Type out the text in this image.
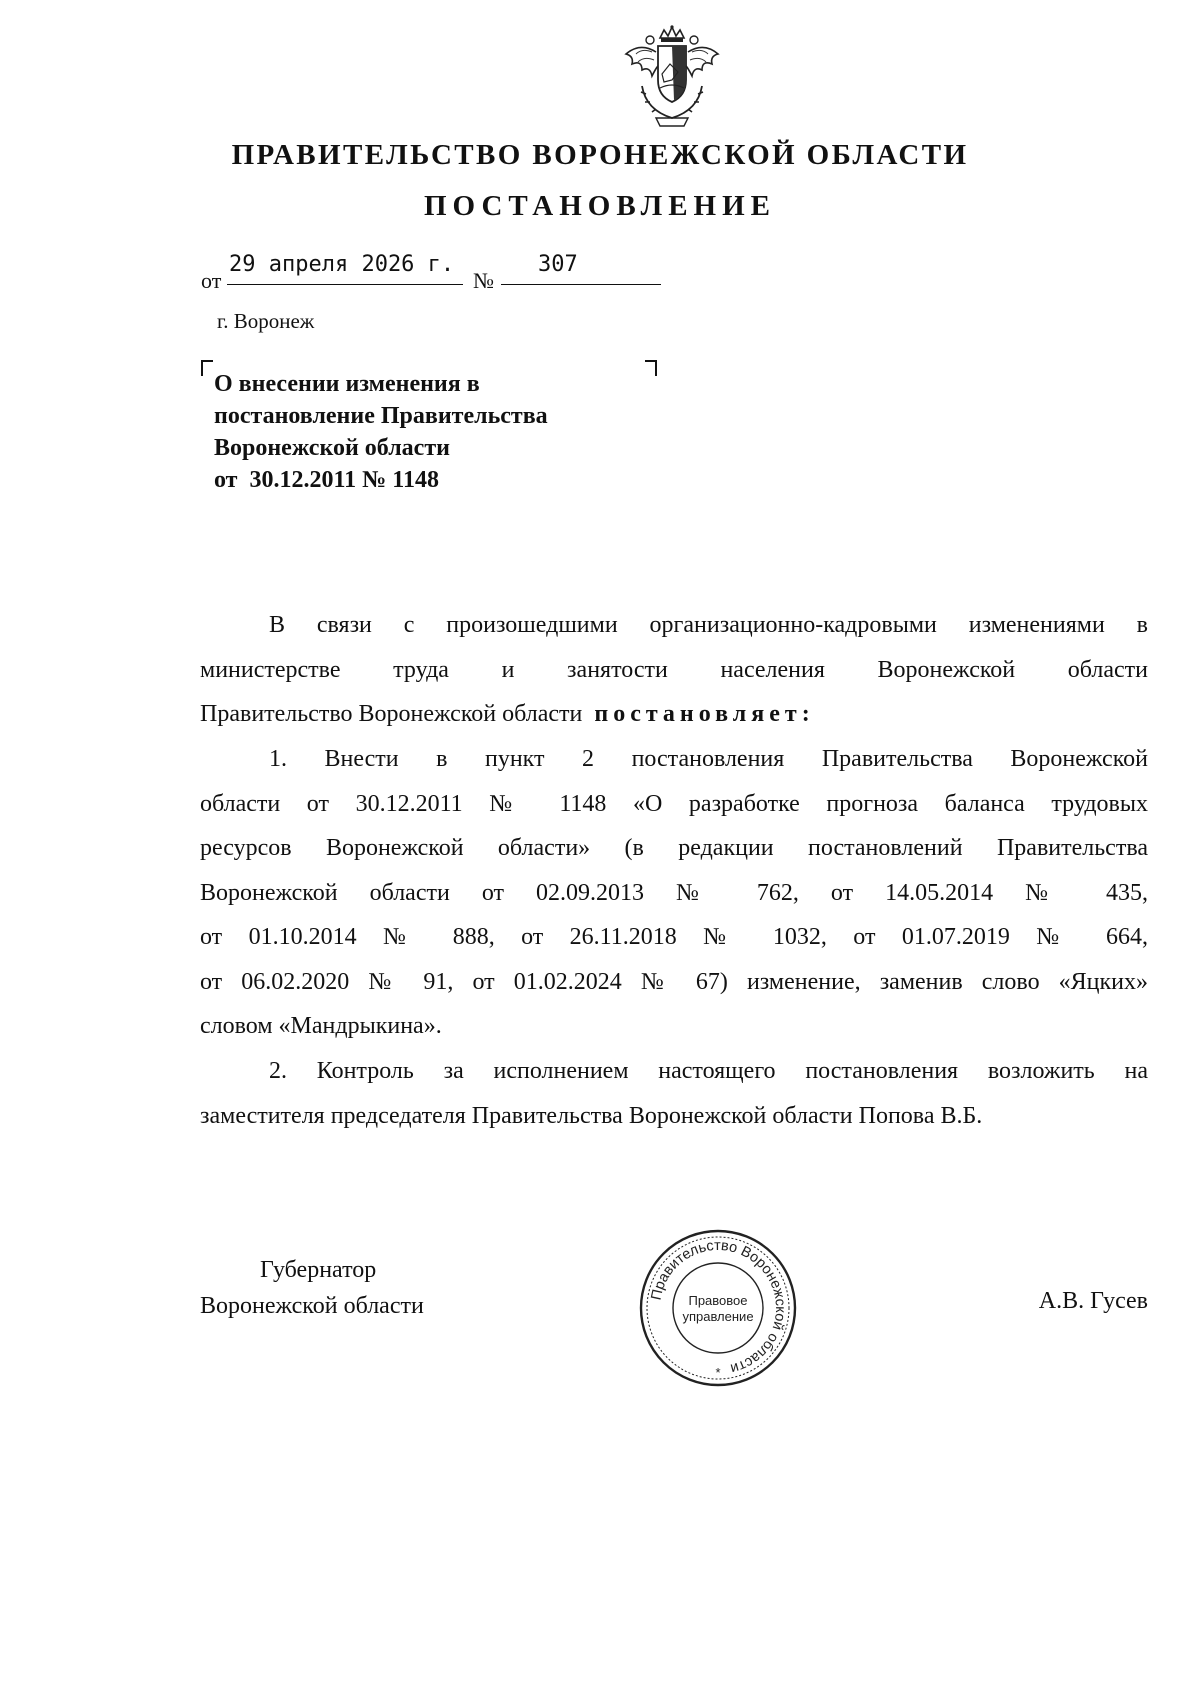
ПРАВИТЕЛЬСТВО ВОРОНЕЖСКОЙ ОБЛАСТИ
ПОСТАНОВЛЕНИЕ
от
29 апреля 2026 г.
№
307
г. Воронеж
О внесении изменения в
постановление Правительства
Воронежской области
от  30.12.2011 № 1148
В связи с произошедшими организационно-кадровыми изменениями в
министерстве труда и занятости населения Воронежской области
Правительство Воронежской области постановляет:
1. Внести в пункт 2 постановления Правительства Воронежской
области от 30.12.2011 № 1148 «О разработке прогноза баланса трудовых
ресурсов Воронежской области» (в редакции постановлений Правительства
Воронежской области от 02.09.2013 № 762, от 14.05.2014 № 435,
от 01.10.2014 № 888, от 26.11.2018 № 1032, от 01.07.2019 № 664,
от 06.02.2020 № 91, от 01.02.2024 № 67) изменение, заменив слово «Яцких»
словом «Мандрыкина».
2. Контроль за исполнением настоящего постановления возложить на
заместителя председателя Правительства Воронежской области Попова В.Б.
Губернатор
Воронежской области	А.В. Гусев
Правительство Воронежской области
Правовое
управление
*
